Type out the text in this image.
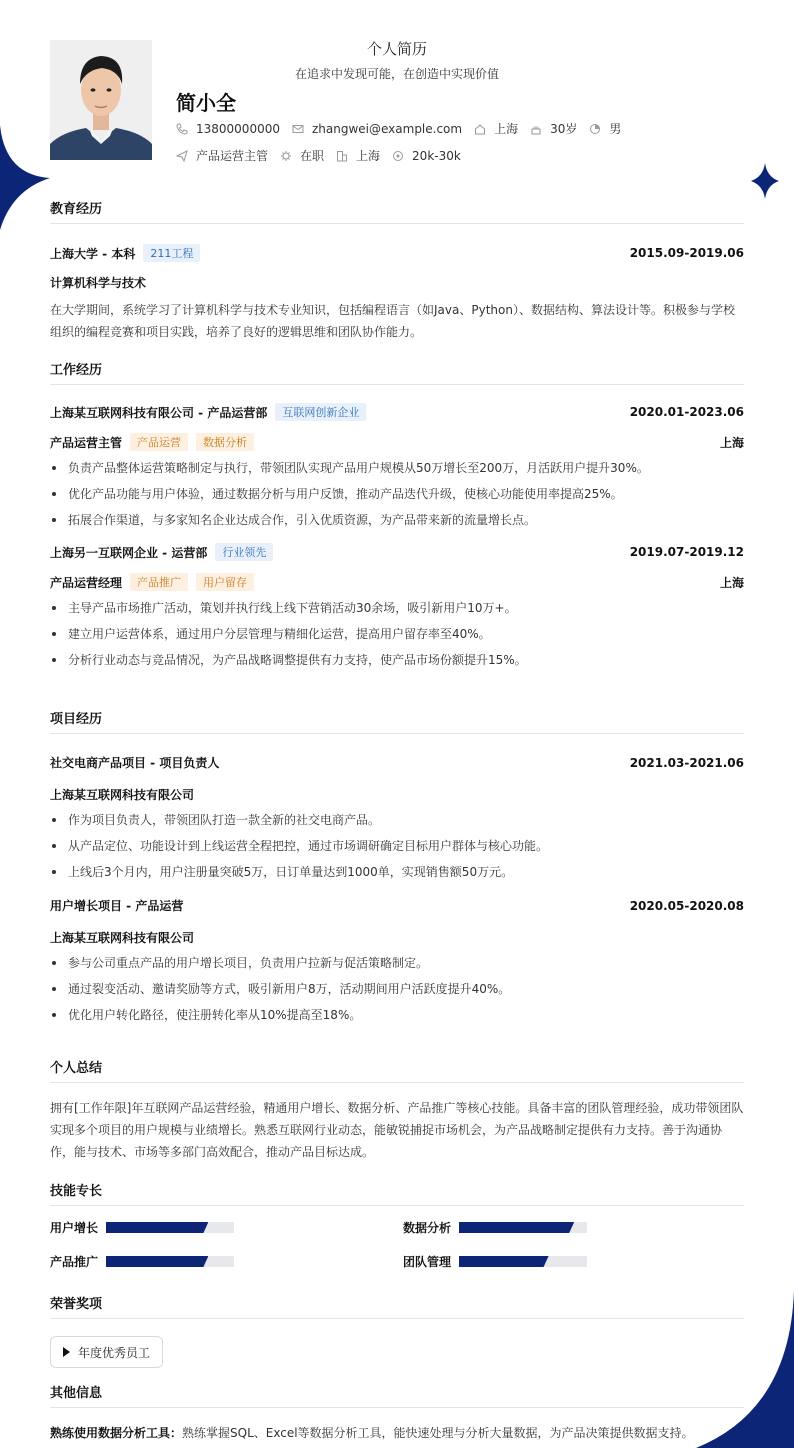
个人简历
在追求中发现可能，在创造中实现价值
简小全
13800000000	zhangwei@example.com	上海	30岁	男
产品运营主管	在职	上海	20k-30k
教育经历
上海大学 - 本科	211工程	2015.09-2019.06
计算机科学与技术
在大学期间，系统学习了计算机科学与技术专业知识，包括编程语言（如Java、Python）、数据结构、算法设计等。积极参与学校组织的编程竞赛和项目实践，培养了良好的逻辑思维和团队协作能力。
工作经历
上海某互联网科技有限公司 - 产品运营部	互联网创新企业	2020.01-2023.06
产品运营主管	产品运营	数据分析	上海
负责产品整体运营策略制定与执行，带领团队实现产品用户规模从50万增长至200万，月活跃用户提升30%。
优化产品功能与用户体验，通过数据分析与用户反馈，推动产品迭代升级，使核心功能使用率提高25%。
拓展合作渠道，与多家知名企业达成合作，引入优质资源，为产品带来新的流量增长点。
上海另一互联网企业 - 运营部	行业领先	2019.07-2019.12
产品运营经理	产品推广	用户留存	上海
主导产品市场推广活动，策划并执行线上线下营销活动30余场，吸引新用户10万+。
建立用户运营体系，通过用户分层管理与精细化运营，提高用户留存率至40%。
分析行业动态与竞品情况，为产品战略调整提供有力支持，使产品市场份额提升15%。
项目经历
社交电商产品项目 - 项目负责人	2021.03-2021.06
上海某互联网科技有限公司
作为项目负责人，带领团队打造一款全新的社交电商产品。
从产品定位、功能设计到上线运营全程把控，通过市场调研确定目标用户群体与核心功能。
上线后3个月内，用户注册量突破5万，日订单量达到1000单，实现销售额50万元。
用户增长项目 - 产品运营	2020.05-2020.08
上海某互联网科技有限公司
参与公司重点产品的用户增长项目，负责用户拉新与促活策略制定。
通过裂变活动、邀请奖励等方式，吸引新用户8万，活动期间用户活跃度提升40%。
优化用户转化路径，使注册转化率从10%提高至18%。
个人总结
拥有[工作年限]年互联网产品运营经验，精通用户增长、数据分析、产品推广等核心技能。具备丰富的团队管理经验，成功带领团队实现多个项目的用户规模与业绩增长。熟悉互联网行业动态，能敏锐捕捉市场机会，为产品战略制定提供有力支持。善于沟通协作，能与技术、市场等多部门高效配合，推动产品目标达成。
技能专长
用户增长	数据分析
产品推广	团队管理
荣誉奖项
年度优秀员工
其他信息
熟练使用数据分析工具：熟练掌握SQL、Excel等数据分析工具，能快速处理与分析大量数据，为产品决策提供数据支持。
